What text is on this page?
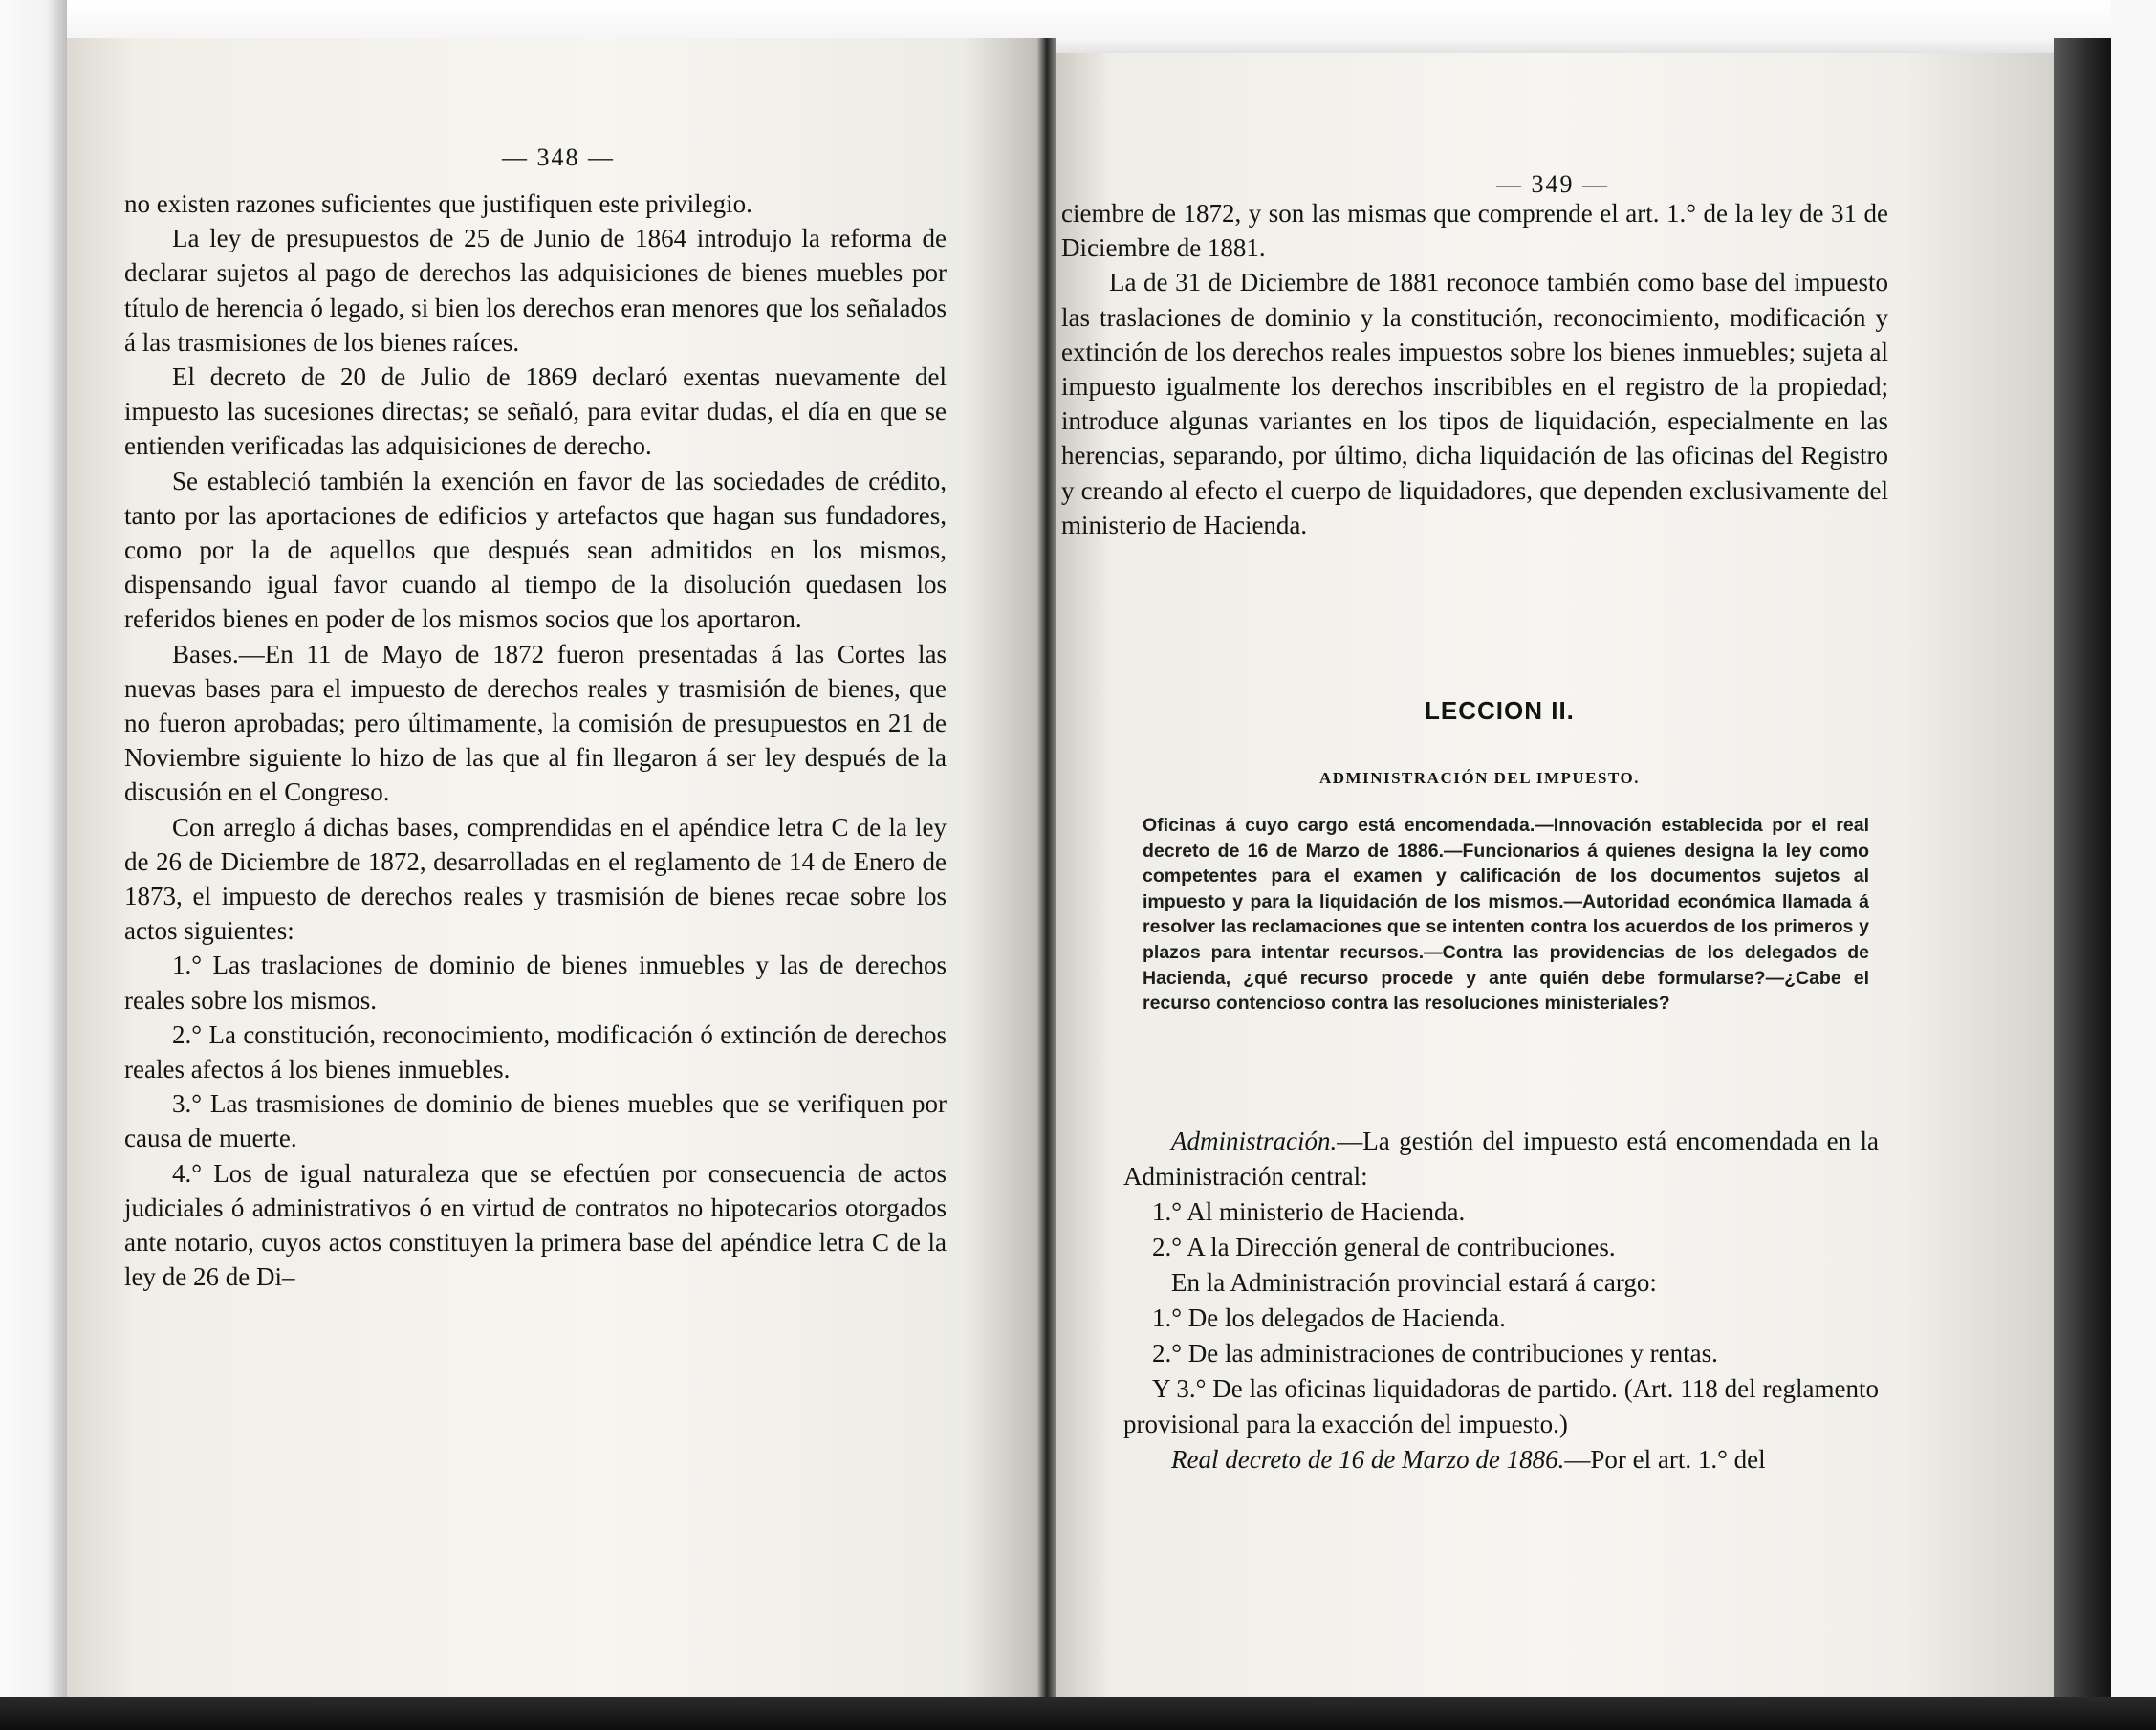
— 348 —

no existen razones suficientes que justifiquen este privilegio.

La ley de presupuestos de 25 de Junio de 1864 introdujo la reforma de declarar sujetos al pago de derechos las adquisiciones de bienes muebles por título de herencia ó legado, si bien los derechos eran menores que los señalados á las trasmisiones de los bienes raíces.

El decreto de 20 de Julio de 1869 declaró exentas nuevamente del impuesto las sucesiones directas; se señaló, para evitar dudas, el día en que se entienden verificadas las adquisiciones de derecho.

Se estableció también la exención en favor de las sociedades de crédito, tanto por las aportaciones de edificios y artefactos que hagan sus fundadores, como por la de aquellos que después sean admitidos en los mismos, dispensando igual favor cuando al tiempo de la disolución quedasen los referidos bienes en poder de los mismos socios que los aportaron.

Bases.—En 11 de Mayo de 1872 fueron presentadas á las Cortes las nuevas bases para el impuesto de derechos reales y trasmisión de bienes, que no fueron aprobadas; pero últimamente, la comisión de presupuestos en 21 de Noviembre siguiente lo hizo de las que al fin llegaron á ser ley después de la discusión en el Congreso.

Con arreglo á dichas bases, comprendidas en el apéndice letra C de la ley de 26 de Diciembre de 1872, desarrolladas en el reglamento de 14 de Enero de 1873, el impuesto de derechos reales y trasmisión de bienes recae sobre los actos siguientes:

1.° Las traslaciones de dominio de bienes inmuebles y las de derechos reales sobre los mismos.

2.° La constitución, reconocimiento, modificación ó extinción de derechos reales afectos á los bienes inmuebles.

3.° Las trasmisiones de dominio de bienes muebles que se verifiquen por causa de muerte.

4.° Los de igual naturaleza que se efectúen por consecuencia de actos judiciales ó administrativos ó en virtud de contratos no hipotecarios otorgados ante notario, cuyos actos constituyen la primera base del apéndice letra C de la ley de 26 de Di–

— 349 —

ciembre de 1872, y son las mismas que comprende el art. 1.° de la ley de 31 de Diciembre de 1881.

La de 31 de Diciembre de 1881 reconoce también como base del impuesto las traslaciones de dominio y la constitución, reconocimiento, modificación y extinción de los derechos reales impuestos sobre los bienes inmuebles; sujeta al impuesto igualmente los derechos inscribibles en el registro de la propiedad; introduce algunas variantes en los tipos de liquidación, especialmente en las herencias, separando, por último, dicha liquidación de las oficinas del Registro y creando al efecto el cuerpo de liquidadores, que dependen exclusivamente del ministerio de Hacienda.

LECCION II.
ADMINISTRACIÓN DEL IMPUESTO.

Oficinas á cuyo cargo está encomendada.—Innovación establecida por el real decreto de 16 de Marzo de 1886.—Funcionarios á quienes designa la ley como competentes para el examen y calificación de los documentos sujetos al impuesto y para la liquidación de los mismos.—Autoridad económica llamada á resolver las reclamaciones que se intenten contra los acuerdos de los primeros y plazos para intentar recursos.—Contra las providencias de los delegados de Hacienda, ¿qué recurso procede y ante quién debe formularse?—¿Cabe el recurso contencioso contra las resoluciones ministeriales?

Administración.—La gestión del impuesto está encomendada en la Administración central:

1.° Al ministerio de Hacienda.

2.° A la Dirección general de contribuciones.

En la Administración provincial estará á cargo:

1.° De los delegados de Hacienda.

2.° De las administraciones de contribuciones y rentas.

Y 3.° De las oficinas liquidadoras de partido. (Art. 118 del reglamento provisional para la exacción del impuesto.)

Real decreto de 16 de Marzo de 1886.—Por el art. 1.° del
